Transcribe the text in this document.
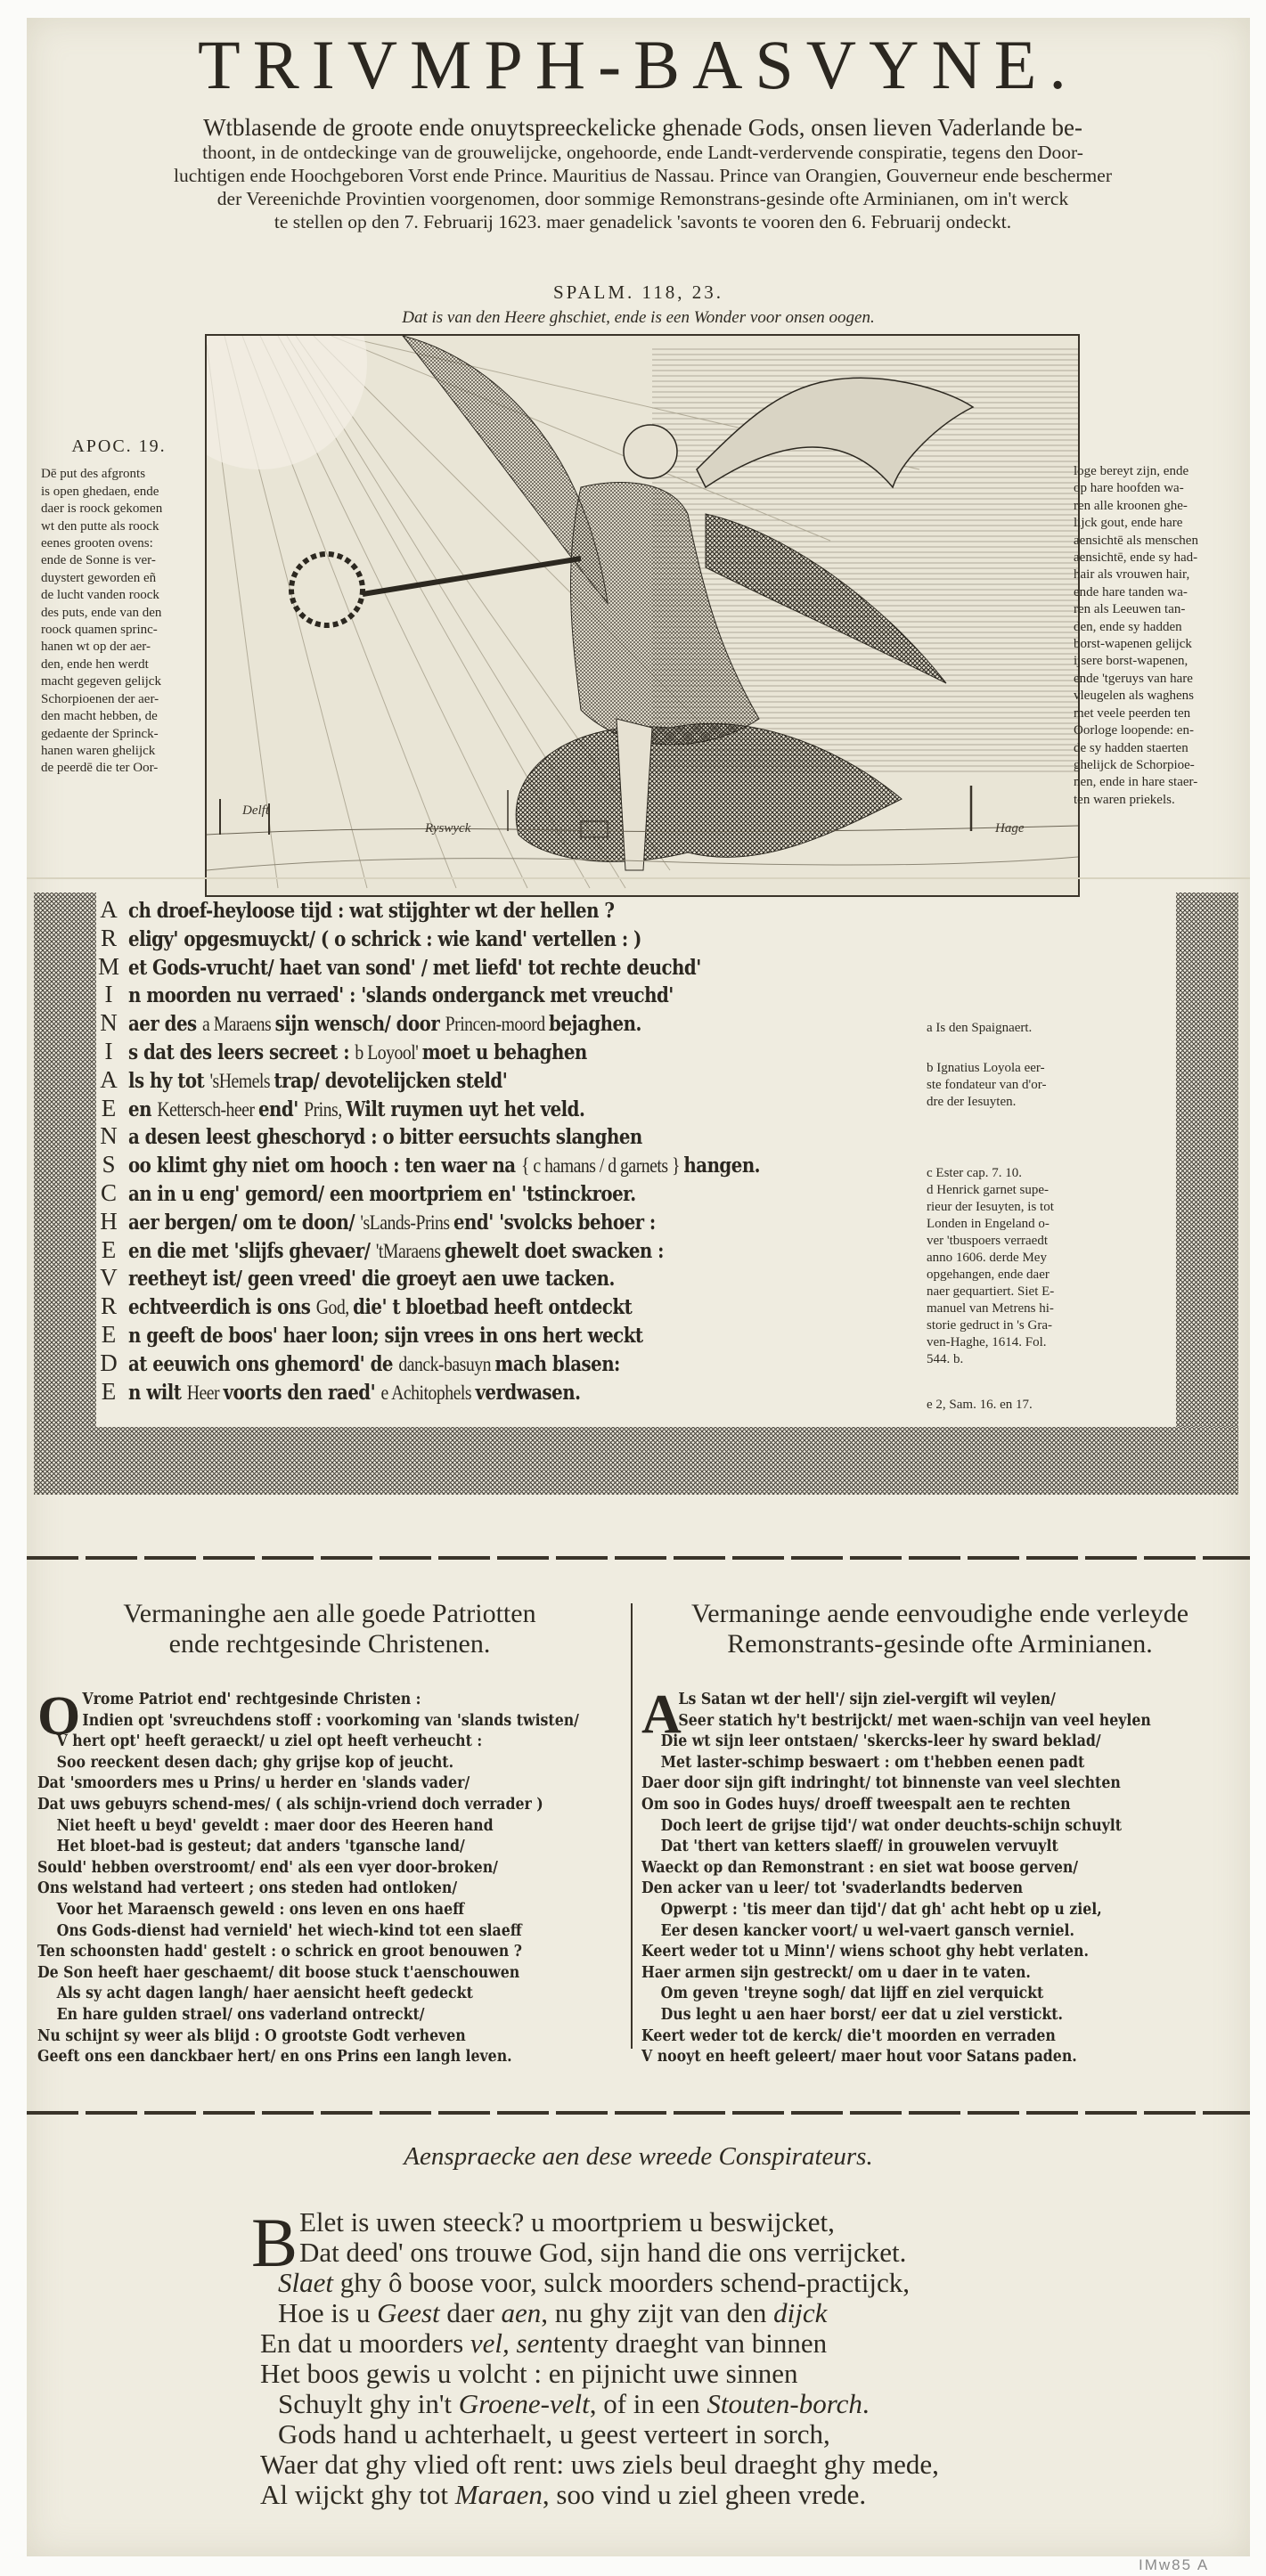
TRIVMPH-BASVYNE.
Wtblasende de groote ende onuytspreeckelicke ghenade Gods, onsen lieven Vaderlande be-
thoont, in de ontdeckinge van de grouwelijcke, ongehoorde, ende Landt-verdervende conspiratie, tegens den Door-
luchtigen ende Hoochgeboren Vorst ende Prince. Mauritius de Nassau. Prince van Orangien, Gouverneur ende beschermer
der Vereenichde Provintien voorgenomen, door sommige Remonstrans-gesinde ofte Arminianen, om in't werck
te stellen op den 7. Februarij 1623. maer genadelick 'savonts te vooren den 6. Februarij ondeckt.
SPALM. 118, 23.
Dat is van den Heere ghschiet, ende is een Wonder voor onsen oogen.
APOC. 19.
Dē put des afgronts
is open ghedaen, ende
daer is roock gekomen
wt den putte als roock
eenes grooten ovens:
ende de Sonne is ver-
duystert geworden eñ
de lucht vanden roock
des puts, ende van den
roock quamen sprinc-
hanen wt op der aer-
den, ende hen werdt
macht gegeven gelijck
Schorpioenen der aer-
den macht hebben, de
gedaente der Sprinck-
hanen waren ghelijck
de peerdē die ter Oor-
Delft
Ryswyck	Hage
loge bereyt zijn, ende
op hare hoofden wa-
ren alle kroonen ghe-
lijck gout, ende hare
aensichtē als menschen
aensichtē, ende sy had-
hair als vrouwen hair,
ende hare tanden wa-
ren als Leeuwen tan-
den, ende sy hadden
borst-wapenen gelijck
ijsere borst-wapenen,
ende 'tgeruys van hare
vleugelen als waghens
met veele peerden ten
Oorloge loopende: en-
de sy hadden staerten
ghelijck de Schorpioe-
nen, ende in hare staer-
ten waren priekels.
A ch droef-heyloose tijd : wat stijghter wt der hellen ?
R eligy' opgesmuyckt/ ( o schrick : wie kand' vertellen : )
M et Gods-vrucht/ haet van sond' / met liefd' tot rechte deuchd'
I n moorden nu verraed' : 'slands onderganck met vreuchd'
N aer des a Maraens sijn wensch/ door Princen-moord bejaghen.
I s dat des leers secreet : b Loyool' moet u behaghen
A ls hy tot 'sHemels trap/ devotelijcken steld'
E en Kettersch-heer end' Prins, Wilt ruymen uyt het veld.
N a desen leest gheschoryd : o bitter eersuchts slanghen
S oo klimt ghy niet om hooch : ten waer na { c hamans / d garnets } hangen.
C an in u eng' gemord/ een moortpriem en' 'tstinckroer.
H aer bergen/ om te doon/ 'sLands-Prins end' 'svolcks behoer :
E en die met 'slijfs ghevaer/ 'tMaraens ghewelt doet swacken :
V reetheyt ist/ geen vreed' die groeyt aen uwe tacken.
R echtveerdich is ons God, die' t bloetbad heeft ontdeckt
E n geeft de boos' haer loon; sijn vrees in ons hert weckt
D at eeuwich ons ghemord' de danck-basuyn mach blasen:
E n wilt Heer voorts den raed' e Achitophels verdwasen.
a Is den Spaignaert.
b Ignatius Loyola eer-
ste fondateur van d'or-
dre der Iesuyten.
c Ester cap. 7. 10.
d Henrick garnet supe-
rieur der Iesuyten, is tot
Londen in Engeland o-
ver 'tbuspoers verraedt
anno 1606. derde Mey
opgehangen, ende daer
naer gequartiert. Siet E-
manuel van Metrens hi-
storie gedruct in 's Gra-
ven-Haghe, 1614. Fol.
544. b.
e 2, Sam. 16. en 17.
Vermaninghe aen alle goede Patriotten
ende rechtgesinde Christenen.
Vermaninge aende eenvoudighe ende verleyde
Remonstrants-gesinde ofte Arminianen.
O Vrome Patriot end' rechtgesinde Christen :
Indien opt 'svreuchdens stoff : voorkoming van 'slands twisten/
V hert opt' heeft geraeckt/ u ziel opt heeft verheucht :
Soo reeckent desen dach; ghy grijse kop of jeucht.
Dat 'smoorders mes u Prins/ u herder en 'slands vader/
Dat uws gebuyrs schend-mes/ ( als schijn-vriend doch verrader )
Niet heeft u beyd' geveldt : maer door des Heeren hand
Het bloet-bad is gesteut; dat anders 'tgansche land/
Sould' hebben overstroomt/ end' als een vyer door-broken/
Ons welstand had verteert ; ons steden had ontloken/
Voor het Maraensch geweld : ons leven en ons haeff
Ons Gods-dienst had vernield' het wiech-kind tot een slaeff
Ten schoonsten hadd' gestelt : o schrick en groot benouwen ?
De Son heeft haer geschaemt/ dit boose stuck t'aenschouwen
Als sy acht dagen langh/ haer aensicht heeft gedeckt
En hare gulden strael/ ons vaderland ontreckt/
Nu schijnt sy weer als blijd : O grootste Godt verheven
Geeft ons een danckbaer hert/ en ons Prins een langh leven.
A
Ls Satan wt der hell'/ sijn ziel-vergift wil veylen/
Seer statich hy't bestrijckt/ met waen-schijn van veel heylen
Die wt sijn leer ontstaen/ 'skercks-leer hy sward beklad/
Met laster-schimp beswaert : om t'hebben eenen padt
Daer door sijn gift indringht/ tot binnenste van veel slechten
Om soo in Godes huys/ droeff tweespalt aen te rechten
Doch leert de grijse tijd'/ wat onder deuchts-schijn schuylt
Dat 'thert van ketters slaeff/ in grouwelen vervuylt
Waeckt op dan Remonstrant : en siet wat boose gerven/
Den acker van u leer/ tot 'svaderlandts bederven
Opwerpt : 'tis meer dan tijd'/ dat gh' acht hebt op u ziel,
Eer desen kancker voort/ u wel-vaert gansch verniel.
Keert weder tot u Minn'/ wiens schoot ghy hebt verlaten.
Haer armen sijn gestreckt/ om u daer in te vaten.
Om geven 'treyne sogh/ dat lijff en ziel verquickt
Dus leght u aen haer borst/ eer dat u ziel verstickt.
Keert weder tot de kerck/ die't moorden en verraden
V nooyt en heeft geleert/ maer hout voor Satans paden.
Aenspraecke aen dese wreede Conspirateurs.
B Elet is uwen steeck? u moortpriem u beswijcket,
Dat deed' ons trouwe God, sijn hand die ons verrijcket.
Slaet ghy ô boose voor, sulck moorders schend-practijck,
Hoe is u Geest daer aen, nu ghy zijt van den dijck
En dat u moorders vel, sententy draeght van binnen
Het boos gewis u volcht : en pijnicht uwe sinnen
Schuylt ghy in't Groene-velt, of in een Stouten-borch.
Gods hand u achterhaelt, u geest verteert in sorch,
Waer dat ghy vlied oft rent: uws ziels beul draeght ghy mede,
Al wijckt ghy tot Maraen, soo vind u ziel gheen vrede.
IMw85 A
